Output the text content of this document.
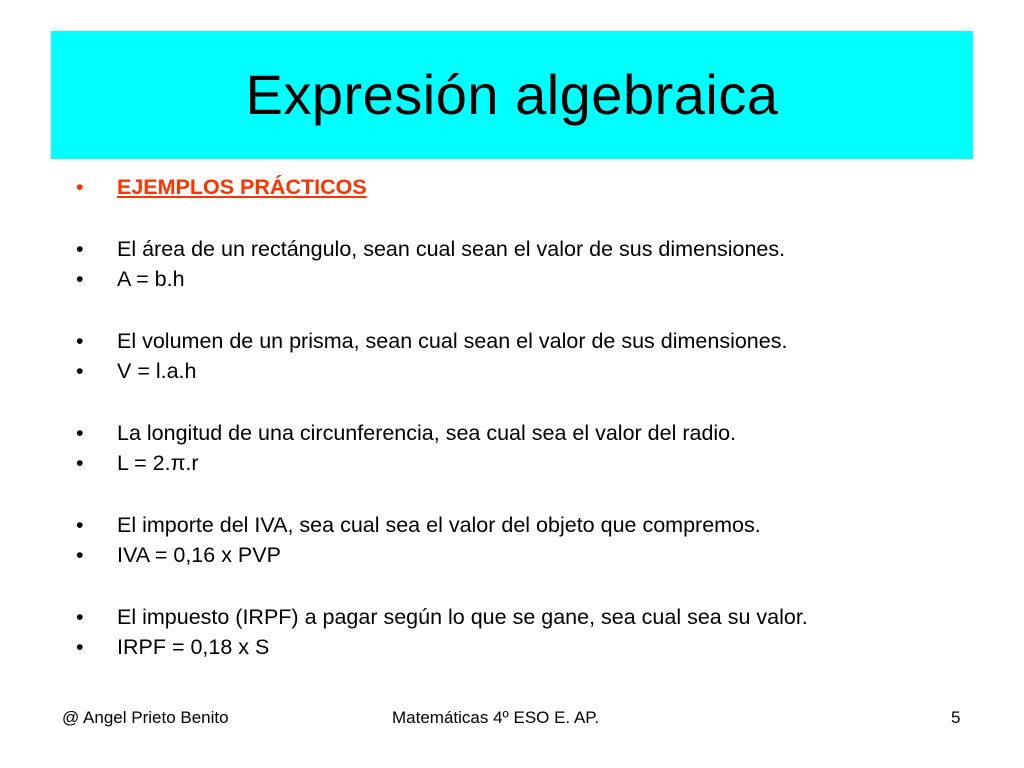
Expresión algebraica
•	EJEMPLOS PRÁCTICOS
•	El área de un rectángulo, sean cual sean el valor de sus dimensiones.
•	A = b.h
•	El volumen de un prisma, sean cual sean el valor de sus dimensiones.
•	V = l.a.h
•	La longitud de una circunferencia, sea cual sea el valor del radio.
•	L = 2.π.r
•	El importe del IVA, sea cual sea el valor del objeto que compremos.
•	IVA = 0,16 x PVP
•	El impuesto (IRPF) a pagar según lo que se gane, sea cual sea su valor.
•	IRPF = 0,18 x S
@ Angel Prieto Benito	Matemáticas 4º ESO E. AP.	5
